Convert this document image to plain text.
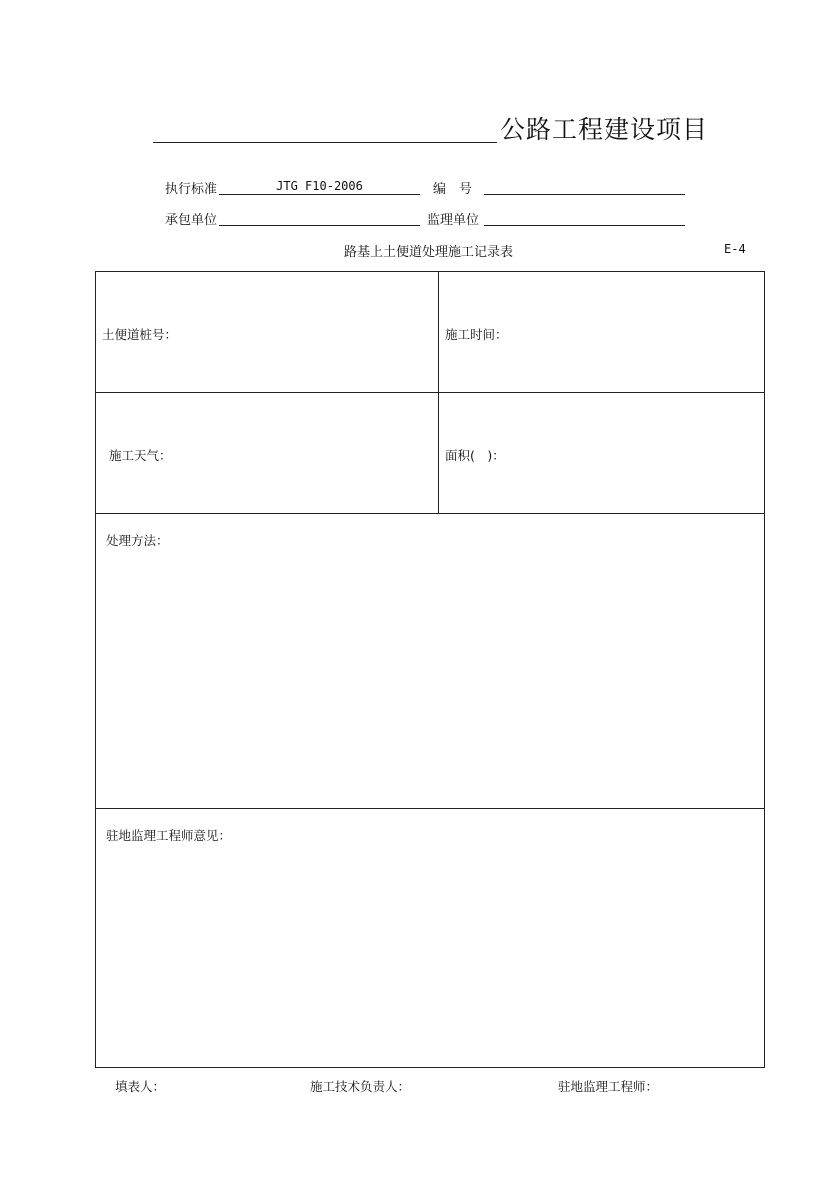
公路工程建设项目
执行标准	JTG F10-2006	编　号
承包单位	监理单位
路基上土便道处理施工记录表	E-4
土便道桩号：	施工时间：
施工天气：	面积(　)：
处理方法：
驻地监理工程师意见：
填表人：	施工技术负责人：	驻地监理工程师：
